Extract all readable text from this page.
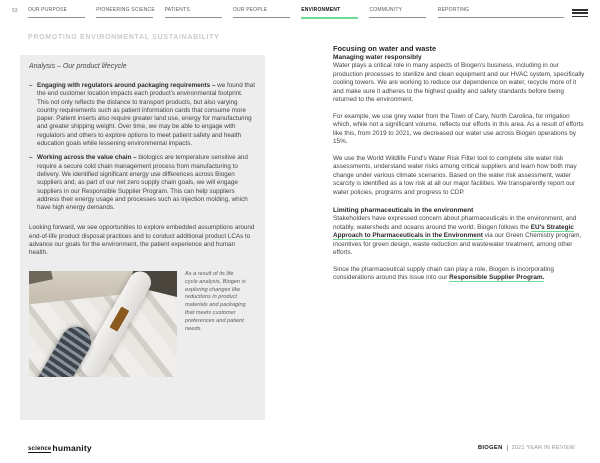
53 OUR PURPOSE	PIONEERING SCIENCE PATIENTS	OUR PEOPLE	ENVIRONMENT	COMMUNITY	REPORTING
PROMOTING ENVIRONMENTAL SUSTAINABILITY
Analysis – Our product lifecycle
– Engaging with regulators around packaging requirements – we found that the end customer location impacts each product's environmental footprint. This not only reflects the distance to transport products, but also varying country requirements such as patient information cards that consume more paper. Patient inserts also require greater land use, energy for manufacturing and greater shipping weight. Over time, we may be able to engage with regulators and others to explore options to meet patient safety and health education goals while lessening environmental impacts.
– Working across the value chain – biologics are temperature sensitive and require a secure cold chain management process from manufacturing to delivery. We identified significant energy use differences across Biogen suppliers and, as part of our net zero supply chain goals, we will engage suppliers in our Responsible Supplier Program. This can help suppliers address their energy usage and processes such as injection molding, which have high energy demands.
Looking forward, we see opportunities to explore embedded assumptions around end-of-life product disposal practices and to conduct additional product LCAs to advance our goals for the environment, the patient experience and human health.
As a result of its life cycle analysis, Biogen is exploring changes like reductions in product materials and packaging that meets customer preferences and patient needs.
Focusing on water and waste
Managing water responsibly

Water plays a critical role in many aspects of Biogen's business, including in our production processes to sterilize and clean equipment and our HVAC system, specifically cooling towers. We are working to reduce our dependence on water, recycle more of it and make sure it adheres to the highest quality and safety standards before being returned to the environment.

For example, we use grey water from the Town of Cary, North Carolina, for irrigation which, while not a significant volume, reflects our efforts in this area. As a result of efforts like this, from 2019 to 2021, we decreased our water use across Biogen operations by 15%.

We use the World Wildlife Fund's Water Risk Filter tool to complete site water risk assessments, understand water risks among critical suppliers and learn how both may change under various climate scenarios. Based on the water risk assessment, water scarcity is identified as a low risk at all our major facilities. We transparently report our water policies, programs and progress to CDP.

Limiting pharmaceuticals in the environment

Stakeholders have expressed concern about pharmaceuticals in the environment, and notably, watersheds and oceans around the world. Biogen follows the EU's Strategic Approach to Pharmaceuticals in the Environment via our Green Chemistry program, incentives for green design, waste reduction and wastewater treatment, among other efforts.

Since the pharmaceutical supply chain can play a role, Biogen is incorporating considerations around this issue into our Responsible Supplier Program.

science humanity	BIOGEN 2021 YEAR IN REVIEW
